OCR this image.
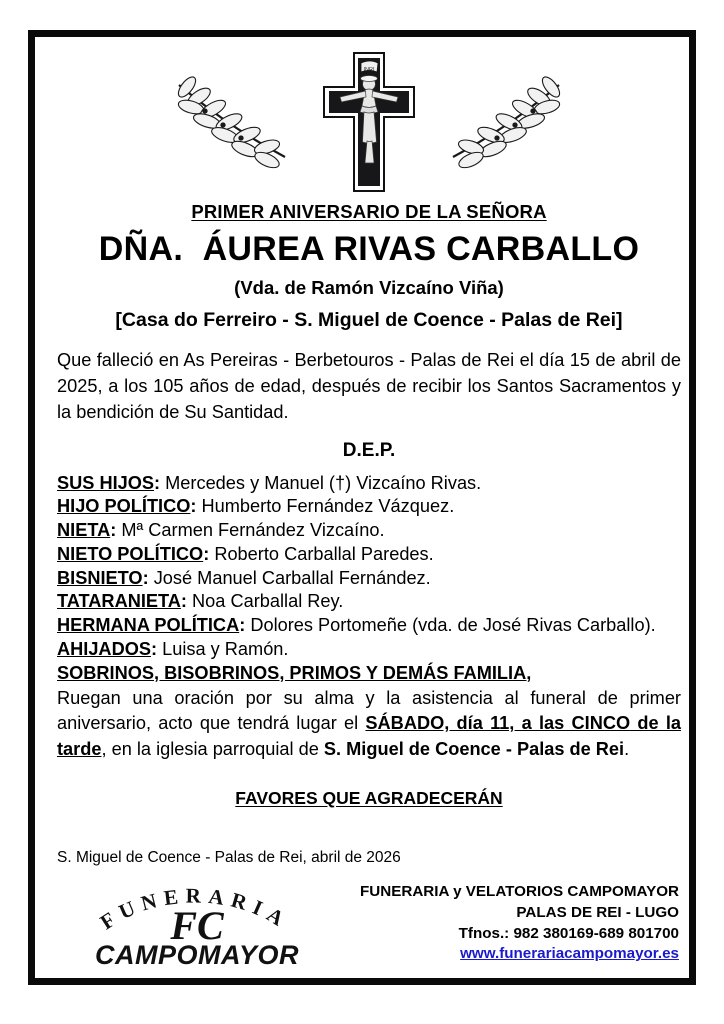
INRI
PRIMER ANIVERSARIO DE LA SEÑORA
DÑA.  ÁUREA RIVAS CARBALLO
(Vda. de Ramón Vizcaíno Viña)
[Casa do Ferreiro - S. Miguel de Coence - Palas de Rei]
Que falleció en As Pereiras - Berbetouros - Palas de Rei el día 15 de abril de 2025, a los 105 años de edad, después de recibir los Santos Sacramentos y la bendición de Su Santidad.
D.E.P.
SUS HIJOS: Mercedes y Manuel (†) Vizcaíno Rivas.
HIJO POLÍTICO: Humberto Fernández Vázquez.
NIETA: Mª Carmen Fernández Vizcaíno.
NIETO POLÍTICO: Roberto Carballal Paredes.
BISNIETO: José Manuel Carballal Fernández.
TATARANIETA: Noa Carballal Rey.
HERMANA POLÍTICA: Dolores Portomeñe (vda. de José Rivas Carballo).
AHIJADOS: Luisa y Ramón.
SOBRINOS, BISOBRINOS, PRIMOS Y DEMÁS FAMILIA,
Ruegan una oración por su alma y la asistencia al funeral de primer aniversario, acto que tendrá lugar el SÁBADO, día 11, a las CINCO de la tarde, en la iglesia parroquial de S. Miguel de Coence - Palas de Rei.
FAVORES QUE AGRADECERÁN
S. Miguel de Coence - Palas de Rei, abril de 2026
FUNERARIA
FC
CAMPOMAYOR
FUNERARIA y VELATORIOS CAMPOMAYOR
PALAS DE REI - LUGO
Tfnos.: 982 380169-689 801700
www.funerariacampomayor.es
